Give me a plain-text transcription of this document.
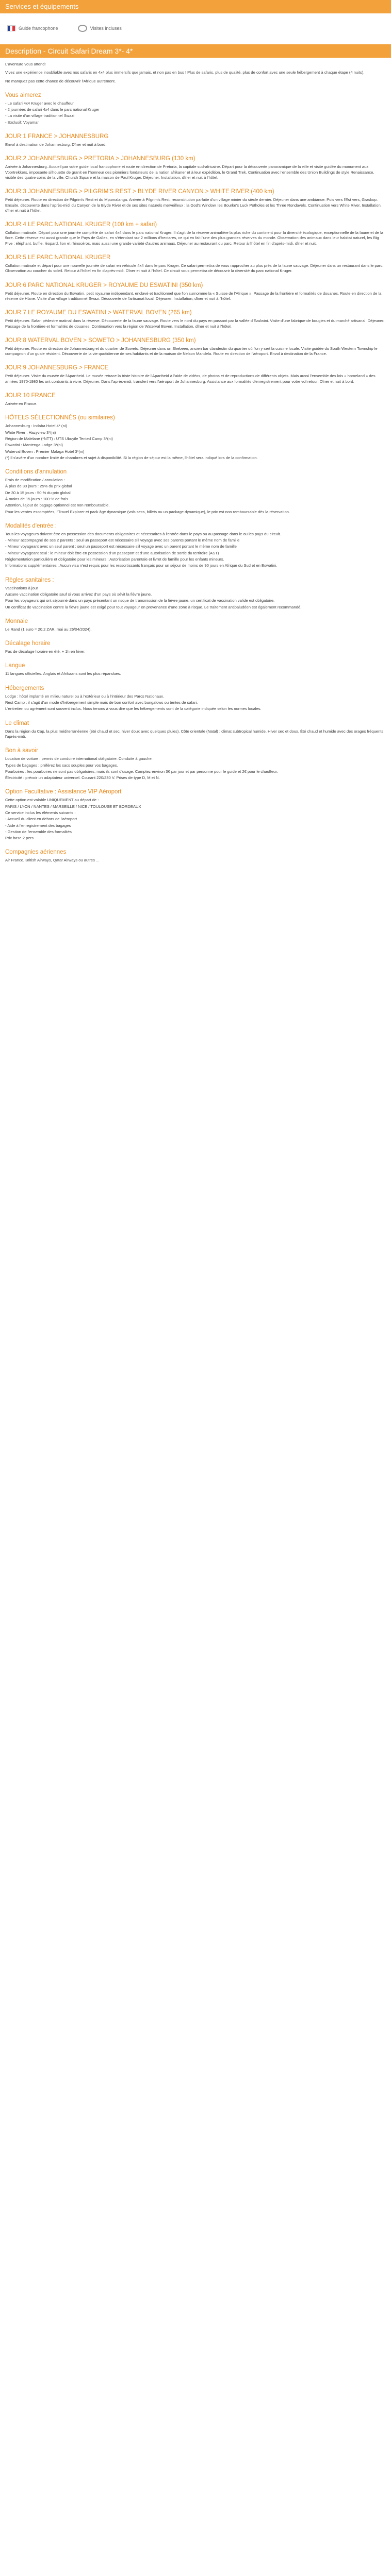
Services et équipements
Guide francophone	Visites incluses
Description - Circuit Safari Dream 3*- 4*

L'aventure vous attend!

Vivez une expérience inoubliable avec nos safaris en 4x4 plus immersifs que jamais, et non pas en bus ! Plus de safaris, plus de qualité, plus de confort avec une seule hébergement à chaque étape (4 nuits).

Ne manquez pas cette chance de découvrir l'Afrique autrement.

Vous aimerez
- Le safari 4x4 Kruger avec le chauffeur
- 2 journées de safari 4x4 dans le parc national Kruger
- La visite d'un village traditionnel Swazi
- Exclusif: Voyamar
JOUR 1 FRANCE > JOHANNESBURG
Envol à destination de Johannesburg. Dîner et nuit à bord.
JOUR 2 JOHANNESBURG > PRETORIA > JOHANNESBURG (130 km)
Arrivée à Johannesburg. Accueil par votre guide local francophone et route en direction de Pretoria, la capitale sud-africaine. Départ pour la découverte panoramique de la ville et visite guidée du monument aux Voortrekkers, imposante silhouette de granit en l'honneur des pionniers fondateurs de la nation afrikaner et à leur expédition, le Grand Trek. Continuation avec l'ensemble des Union Buildings de style Renaissance, visible des quatre coins de la ville, Church Square et la maison de Paul Kruger. Déjeuner. Installation, dîner et nuit à l'hôtel.
JOUR 3 JOHANNESBURG > PILGRIM'S REST > BLYDE RIVER CANYON > WHITE RIVER (400 km)
Petit déjeuner. Route en direction de Pilgrim's Rest et du Mpumalanga. Arrivée à Pilgrim's Rest, reconstitution parfaite d'un village minier du siècle dernier. Déjeuner dans une ambiance. Puis vers l'Est vers, Graskop. Ensuite, découverte dans l'après-midi du Canyon de la Blyde River et de ses sites naturels merveilleux : la God's Window, les Bourke's Luck Potholes et les Three Rondavels. Continuation vers White River. Installation, dîner et nuit à l'hôtel.
JOUR 4 LE PARC NATIONAL KRUGER (100 km + safari)
Collation matinale. Départ pour une journée complète de safari 4x4 dans le parc national Kruger. Il s'agit de la réserve animalière la plus riche du continent pour la diversité écologique, exceptionnelle de la faune et de la flore. Cette réserve est aussi grande que le Pays de Galles, en s'étendant sur 2 millions d'hectares, ce qui en fait l'une des plus grandes réserves du monde. Observation des animaux dans leur habitat naturel, les Big Five : éléphant, buffle, léopard, lion et rhinocéros, mais aussi une grande variété d'autres animaux. Déjeuner au restaurant du parc. Retour à l'hôtel en fin d'après-midi, dîner et nuit.
JOUR 5 LE PARC NATIONAL KRUGER
Collation matinale et départ pour une nouvelle journée de safari en véhicule 4x4 dans le parc Kruger. Ce safari permettra de vous rapprocher au plus près de la faune sauvage. Déjeuner dans un restaurant dans le parc. Observation au coucher du soleil. Retour à l'hôtel en fin d'après-midi. Dîner et nuit à l'hôtel. Ce circuit vous permettra de découvrir la diversité du parc national Kruger.
JOUR 6 PARC NATIONAL KRUGER > ROYAUME DU ESWATINI (350 km)
Petit déjeuner. Route en direction du Eswatini, petit royaume indépendant, enclavé et traditionnel que l'on surnomme la « Suisse de l'Afrique ». Passage de la frontière et formalités de douanes. Route en direction de la réserve de Hlane. Visite d'un village traditionnel Swazi. Découverte de l'artisanat local. Déjeuner. Installation, dîner et nuit à l'hôtel.
JOUR 7 LE ROYAUME DU ESWATINI > WATERVAL BOVEN (265 km)
Petit déjeuner. Safari pédestre matinal dans la réserve. Découverte de la faune sauvage. Route vers le nord du pays en passant par la vallée d'Ezulwini. Visite d'une fabrique de bougies et du marché artisanal. Déjeuner. Passage de la frontière et formalités de douanes. Continuation vers la région de Waterval Boven. Installation, dîner et nuit à l'hôtel.
JOUR 8 WATERVAL BOVEN > SOWETO > JOHANNESBURG (350 km)
Petit déjeuner. Route en direction de Johannesburg et du quartier de Soweto. Déjeuner dans un Shebeen, ancien bar clandestin du quartier où l'on y sert la cuisine locale. Visite guidée du South Western Township le compagnon d'un guide résident. Découverte de la vie quotidienne de ses habitants et de la maison de Nelson Mandela. Route en direction de l'aéroport. Envol à destination de la France.
JOUR 9 JOHANNESBURG > FRANCE
Petit déjeuner. Visite du musée de l'Apartheid. Le musée retrace la triste histoire de l'Apartheid à l'aide de vidéos, de photos et de reproductions de différents objets. Mais aussi l'ensemble des lois « homeland » des années 1970-1980 les ont contraints à vivre. Déjeuner. Dans l'après-midi, transfert vers l'aéroport de Johannesburg. Assistance aux formalités d'enregistrement pour votre vol retour. Dîner et nuit à bord.
JOUR 10 FRANCE
Arrivée en France.
HÔTELS SÉLECTIONNÉS (ou similaires)
Johannesburg : Indaba Hotel 4* (ni)
White River : Hazyview 3*(ni)
Région de Malelane (*NTT) : UTS Ubuyile Tented Camp 3*(ni)
Eswatini : Mantenga Lodge 3*(ni)
Waterval Boven : Premier Malaga Hotel 3*(ni)
(*) Il s'avère d'un nombre limité de chambres et sujet à disponibilité. Si la région de séjour est la même, l'hôtel sera indiqué lors de la confirmation.
Conditions d'annulation
Frais de modification / annulation :
À plus de 30 jours : 25% du prix global
De 30 à 15 jours : 50 % du prix global
À moins de 15 jours : 100 % de frais
Attention, l'ajout de bagage optionnel est non remboursable.
Pour les ventes escomptées, l'Travel Explorer et pack âge dynamique (vols secs, billets ou un package dynamique), le prix est non remboursable dès la réservation.
Modalités d'entrée :
Tous les voyageurs doivent être en possession des documents obligatoires et nécessaires à l'entrée dans le pays ou au passage dans le ou les pays du circuit.
- Mineur accompagné de ses 2 parents : seul un passeport est nécessaire s'il voyage avec ses parents portant le même nom de famille
- Mineur voyageant avec un seul parent : seul un passeport est nécessaire s'il voyage avec un parent portant le même nom de famille
- Mineur voyageant seul : le mineur doit être en possession d'un passeport et d'une autorisation de sortie du territoire (AST)
Réglementation particulière et obligatoire pour les mineurs : Autorisation parentale et livret de famille pour les enfants mineurs.
Informations supplémentaires : Aucun visa n'est requis pour les ressortissants français pour un séjour de moins de 90 jours en Afrique du Sud et en Eswatini.
Règles sanitaires :
Vaccinations à jour
Aucune vaccination obligatoire sauf si vous arrivez d'un pays où sévit la fièvre jaune.
Pour les voyageurs qui ont séjourné dans un pays présentant un risque de transmission de la fièvre jaune, un certificat de vaccination valide est obligatoire.
Un certificat de vaccination contre la fièvre jaune est exigé pour tout voyageur en provenance d'une zone à risque. Le traitement antipaludéen est également recommandé.
Monnaie
Le Rand (1 euro = 20.2 ZAR, mai au 26/04/2024).
Décalage horaire
Pas de décalage horaire en été, + 1h en hiver.
Langue
11 langues officielles. Anglais et Afrikaans sont les plus répandues.
Hébergements
Lodge : hôtel implanté en milieu naturel ou à l'extérieur ou à l'intérieur des Parcs Nationaux.
Rest Camp : il s'agit d'un mode d'hébergement simple mais de bon confort avec bungalows ou tentes de safari.
L'entretien ou agrément sont souvent inclus. Nous tenons à vous dire que les hébergements sont de la catégorie indiquée selon les normes locales.
Le climat
Dans la région du Cap, la plus méditerranéenne (été chaud et sec, hiver doux avec quelques pluies). Côte orientale (Natal) : climat subtropical humide. Hiver sec et doux. Été chaud et humide avec des orages fréquents l'après-midi.
Bon à savoir
Location de voiture : permis de conduire international obligatoire. Conduite à gauche.
Types de bagages : préférez les sacs souples pour vos bagages.
Pourboires : les pourboires ne sont pas obligatoires, mais ils sont d'usage. Comptez environ 3€ par jour et par personne pour le guide et 2€ pour le chauffeur.
Électricité : prévoir un adaptateur universel. Courant 220/230 V. Prises de type D, M et N.
Option Facultative : Assistance VIP Aéroport
Cette option est valable UNIQUEMENT au départ de :
PARIS / LYON / NANTES / MARSEILLE / NICE / TOULOUSE ET BORDEAUX
Ce service inclus les éléments suivants :
- Accueil du client en dehors de l'aéroport
- Aide à l'enregistrement des bagages
- Gestion de l'ensemble des formalités
Prix base 2 pers
Compagnies aériennes
Air France, British Airways, Qatar Airways ou autres ...
